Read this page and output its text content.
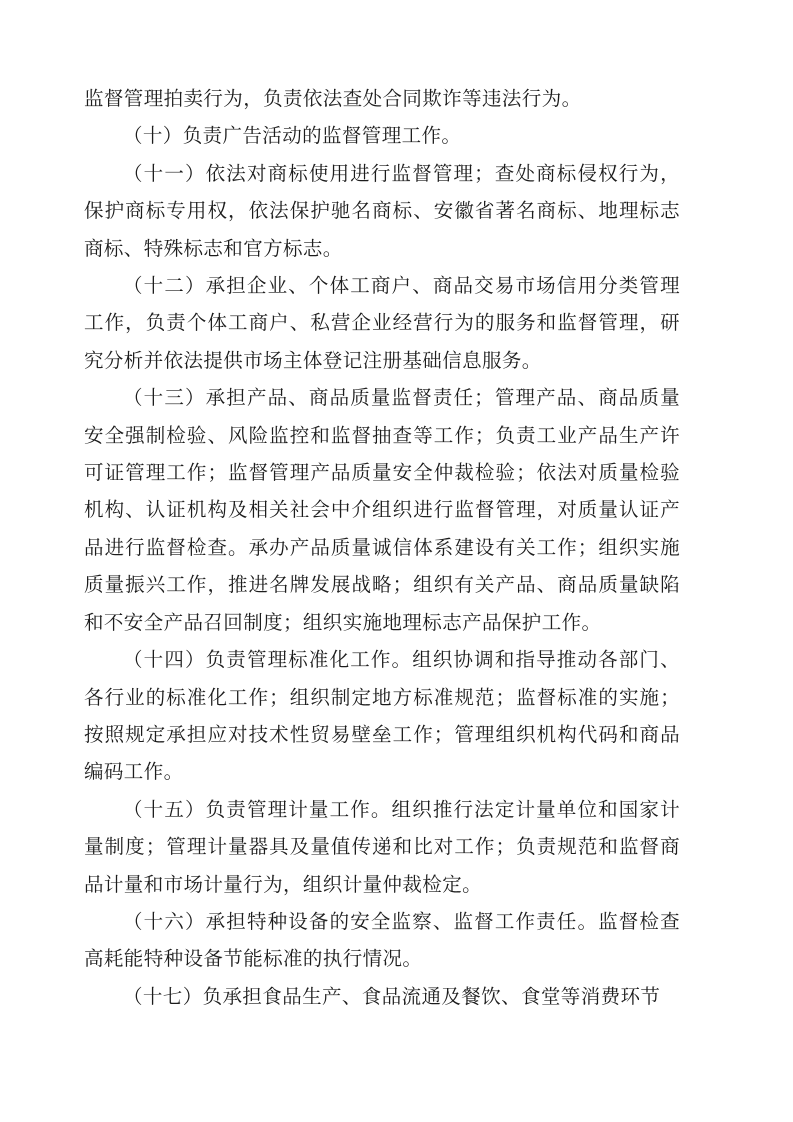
监督管理拍卖行为，负责依法查处合同欺诈等违法行为。

（十）负责广告活动的监督管理工作。

（十一）依法对商标使用进行监督管理；查处商标侵权行为，保护商标专用权，依法保护驰名商标、安徽省著名商标、地理标志商标、特殊标志和官方标志。

（十二）承担企业、个体工商户、商品交易市场信用分类管理工作，负责个体工商户、私营企业经营行为的服务和监督管理，研究分析并依法提供市场主体登记注册基础信息服务。

（十三）承担产品、商品质量监督责任；管理产品、商品质量安全强制检验、风险监控和监督抽查等工作；负责工业产品生产许可证管理工作；监督管理产品质量安全仲裁检验；依法对质量检验机构、认证机构及相关社会中介组织进行监督管理，对质量认证产品进行监督检查。承办产品质量诚信体系建设有关工作；组织实施质量振兴工作，推进名牌发展战略；组织有关产品、商品质量缺陷和不安全产品召回制度；组织实施地理标志产品保护工作。

（十四）负责管理标准化工作。组织协调和指导推动各部门、各行业的标准化工作；组织制定地方标准规范；监督标准的实施；按照规定承担应对技术性贸易壁垒工作；管理组织机构代码和商品编码工作。

（十五）负责管理计量工作。组织推行法定计量单位和国家计量制度；管理计量器具及量值传递和比对工作；负责规范和监督商品计量和市场计量行为，组织计量仲裁检定。

（十六）承担特种设备的安全监察、监督工作责任。监督检查高耗能特种设备节能标准的执行情况。

（十七）负承担食品生产、食品流通及餐饮、食堂等消费环节
